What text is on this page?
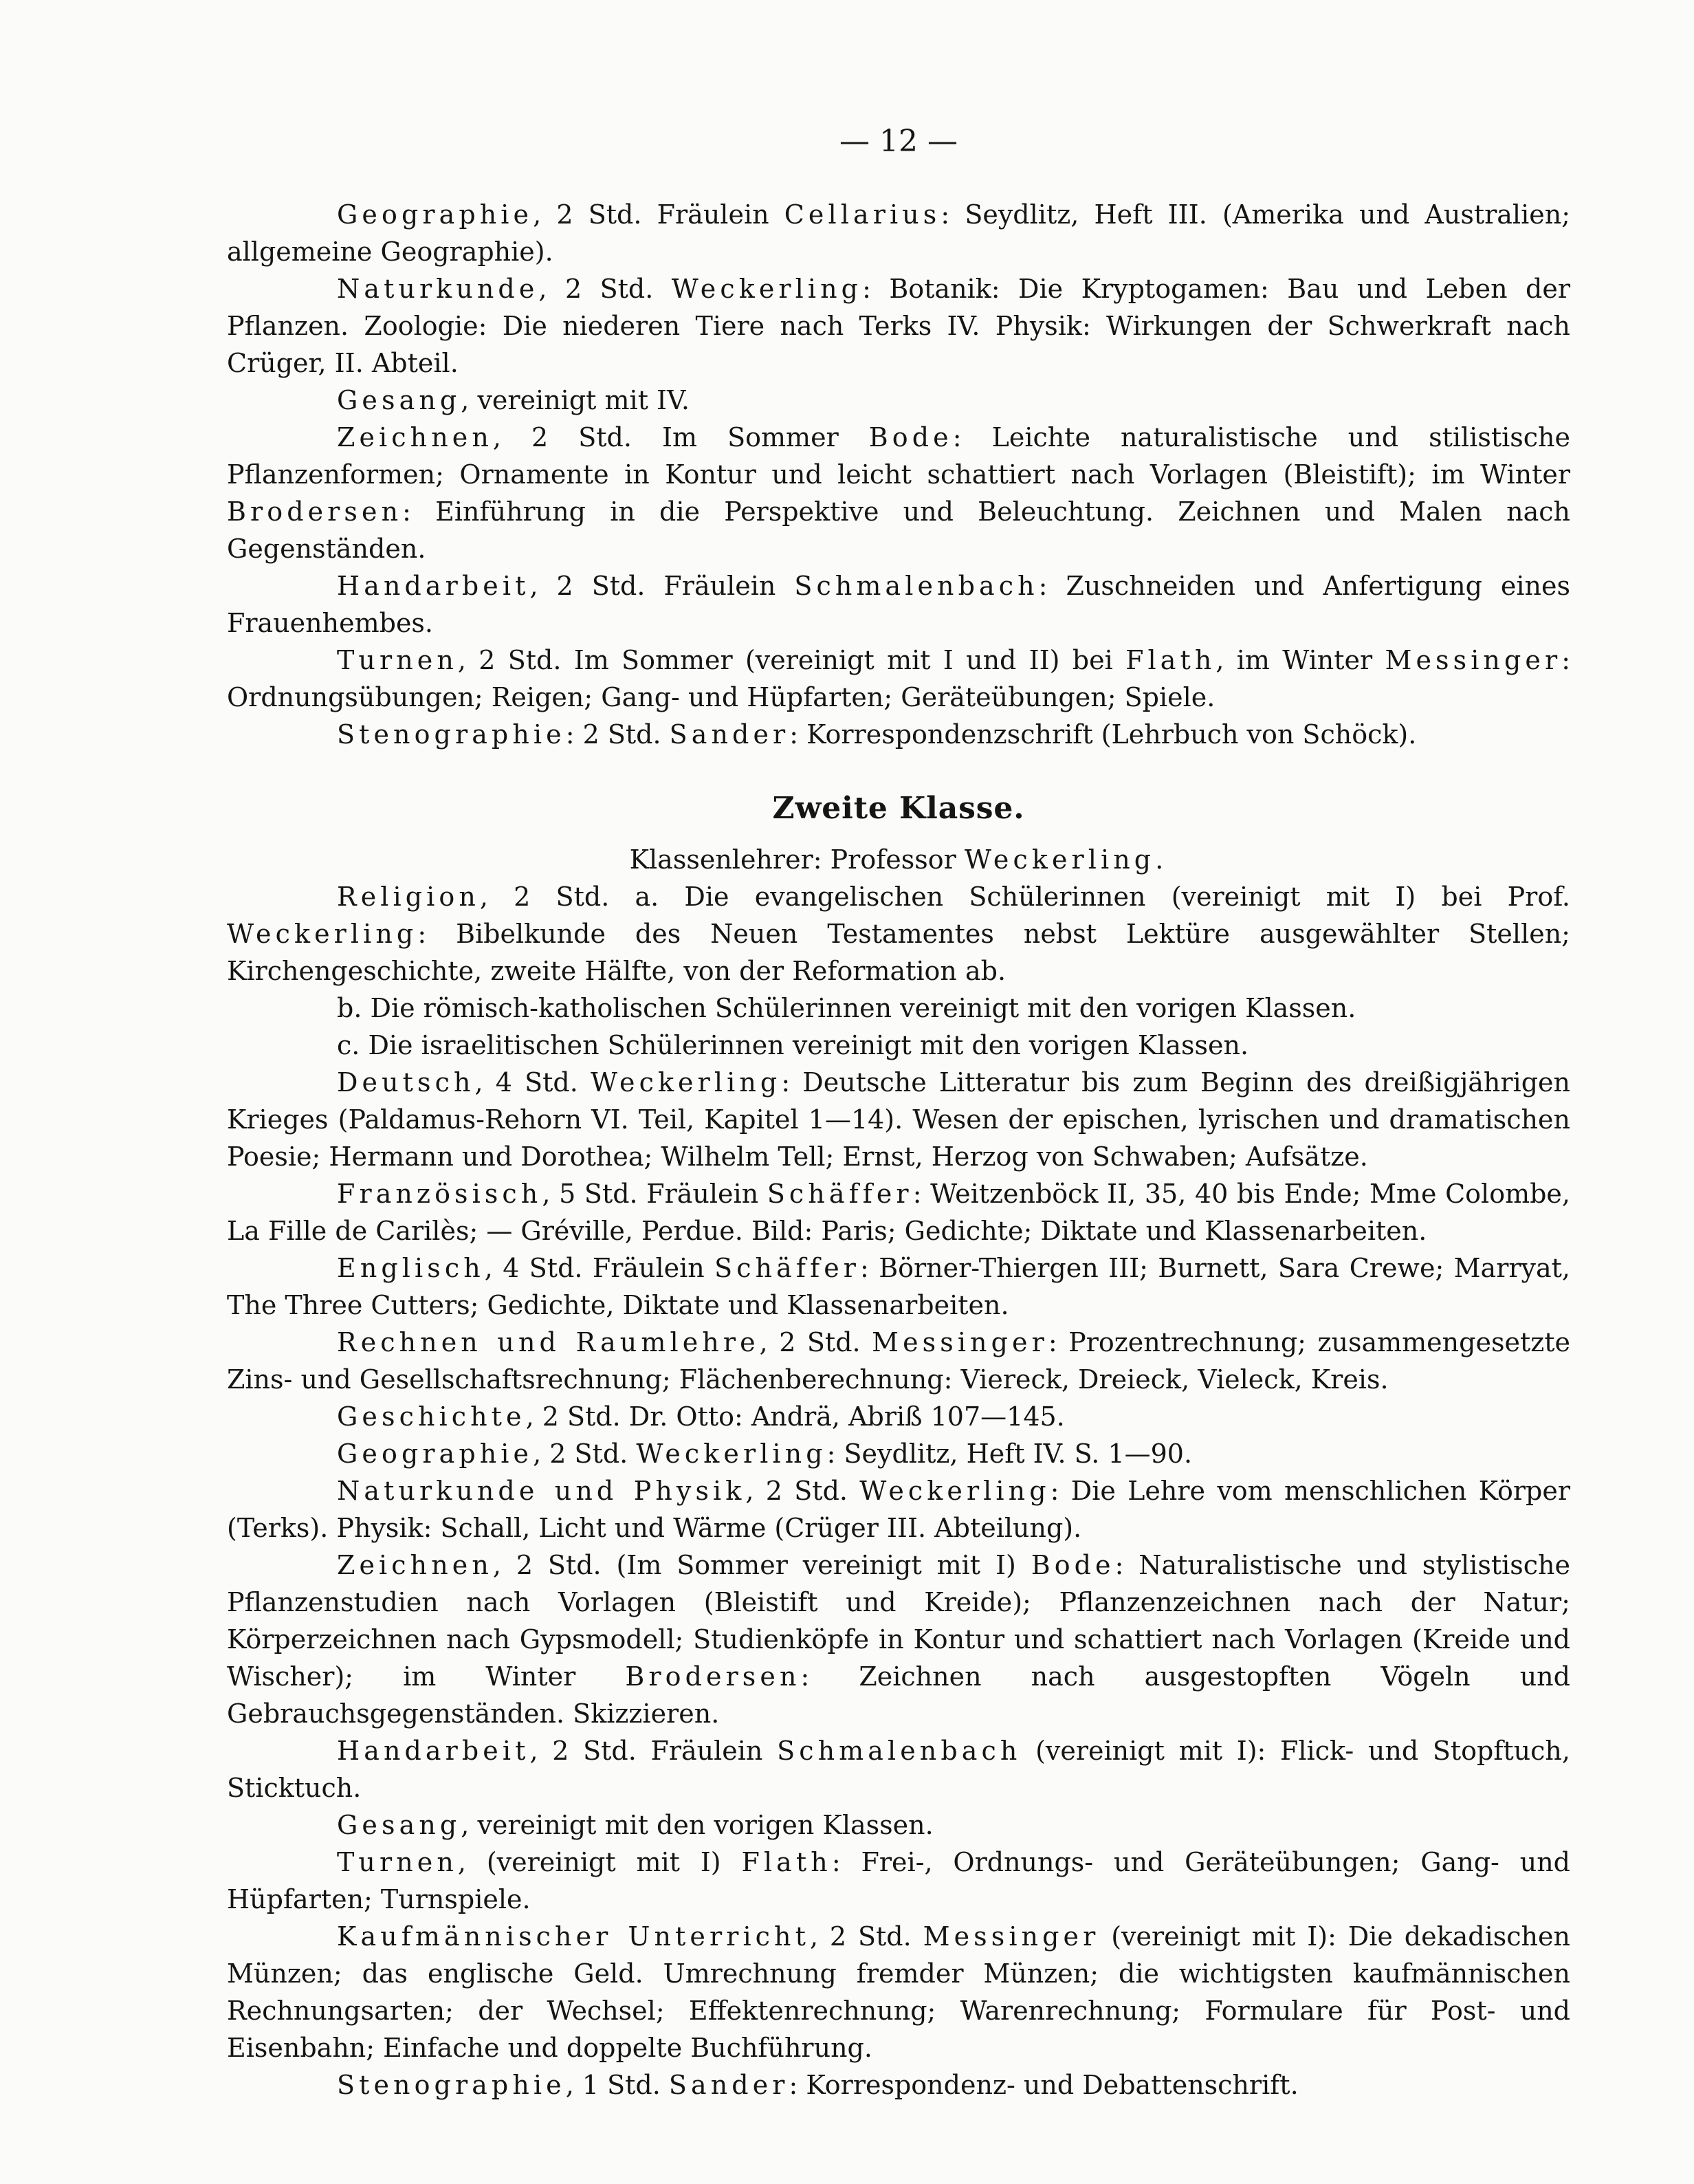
— 12 —

Geographie, 2 Std. Fräulein Cellarius: Seydlitz, Heft III. (Amerika und Australien; allgemeine Geographie).

Naturkunde, 2 Std. Weckerling: Botanik: Die Kryptogamen: Bau und Leben der Pflanzen. Zoologie: Die niederen Tiere nach Terks IV. Physik: Wirkungen der Schwerkraft nach Crüger, II. Abteil.

Gesang, vereinigt mit IV.

Zeichnen, 2 Std. Im Sommer Bode: Leichte naturalistische und stilistische Pflanzenformen; Ornamente in Kontur und leicht schattiert nach Vorlagen (Bleistift); im Winter Brodersen: Einführung in die Perspektive und Beleuchtung. Zeichnen und Malen nach Gegenständen.

Handarbeit, 2 Std. Fräulein Schmalenbach: Zuschneiden und Anfertigung eines Frauenhembes.

Turnen, 2 Std. Im Sommer (vereinigt mit I und II) bei Flath, im Winter Messinger: Ordnungsübungen; Reigen; Gang- und Hüpfarten; Geräteübungen; Spiele.

Stenographie: 2 Std. Sander: Korrespondenzschrift (Lehrbuch von Schöck).

Zweite Klasse.

Klassenlehrer: Professor Weckerling.

Religion, 2 Std. a. Die evangelischen Schülerinnen (vereinigt mit I) bei Prof. Weckerling: Bibelkunde des Neuen Testamentes nebst Lektüre ausgewählter Stellen; Kirchengeschichte, zweite Hälfte, von der Reformation ab.

b. Die römisch-katholischen Schülerinnen vereinigt mit den vorigen Klassen.

c. Die israelitischen Schülerinnen vereinigt mit den vorigen Klassen.

Deutsch, 4 Std. Weckerling: Deutsche Litteratur bis zum Beginn des dreißigjährigen Krieges (Paldamus-Rehorn VI. Teil, Kapitel 1—14). Wesen der epischen, lyrischen und dramatischen Poesie; Hermann und Dorothea; Wilhelm Tell; Ernst, Herzog von Schwaben; Aufsätze.

Französisch, 5 Std. Fräulein Schäffer: Weitzenböck II, 35, 40 bis Ende; Mme Colombe, La Fille de Carilès; — Gréville, Perdue. Bild: Paris; Gedichte; Diktate und Klassenarbeiten.

Englisch, 4 Std. Fräulein Schäffer: Börner-Thiergen III; Burnett, Sara Crewe; Marryat, The Three Cutters; Gedichte, Diktate und Klassenarbeiten.

Rechnen und Raumlehre, 2 Std. Messinger: Prozentrechnung; zusammengesetzte Zins- und Gesellschaftsrechnung; Flächenberechnung: Viereck, Dreieck, Vieleck, Kreis.

Geschichte, 2 Std. Dr. Otto: Andrä, Abriß 107—145.

Geographie, 2 Std. Weckerling: Seydlitz, Heft IV. S. 1—90.

Naturkunde und Physik, 2 Std. Weckerling: Die Lehre vom menschlichen Körper (Terks). Physik: Schall, Licht und Wärme (Crüger III. Abteilung).

Zeichnen, 2 Std. (Im Sommer vereinigt mit I) Bode: Naturalistische und stylistische Pflanzenstudien nach Vorlagen (Bleistift und Kreide); Pflanzenzeichnen nach der Natur; Körperzeichnen nach Gypsmodell; Studienköpfe in Kontur und schattiert nach Vorlagen (Kreide und Wischer); im Winter Brodersen: Zeichnen nach ausgestopften Vögeln und Gebrauchsgegenständen. Skizzieren.

Handarbeit, 2 Std. Fräulein Schmalenbach (vereinigt mit I): Flick- und Stopftuch, Sticktuch.

Gesang, vereinigt mit den vorigen Klassen.

Turnen, (vereinigt mit I) Flath: Frei-, Ordnungs- und Geräteübungen; Gang- und Hüpfarten; Turnspiele.

Kaufmännischer Unterricht, 2 Std. Messinger (vereinigt mit I): Die dekadischen Münzen; das englische Geld. Umrechnung fremder Münzen; die wichtigsten kaufmännischen Rechnungsarten; der Wechsel; Effektenrechnung; Warenrechnung; Formulare für Post- und Eisenbahn; Einfache und doppelte Buchführung.

Stenographie, 1 Std. Sander: Korrespondenz- und Debattenschrift.
